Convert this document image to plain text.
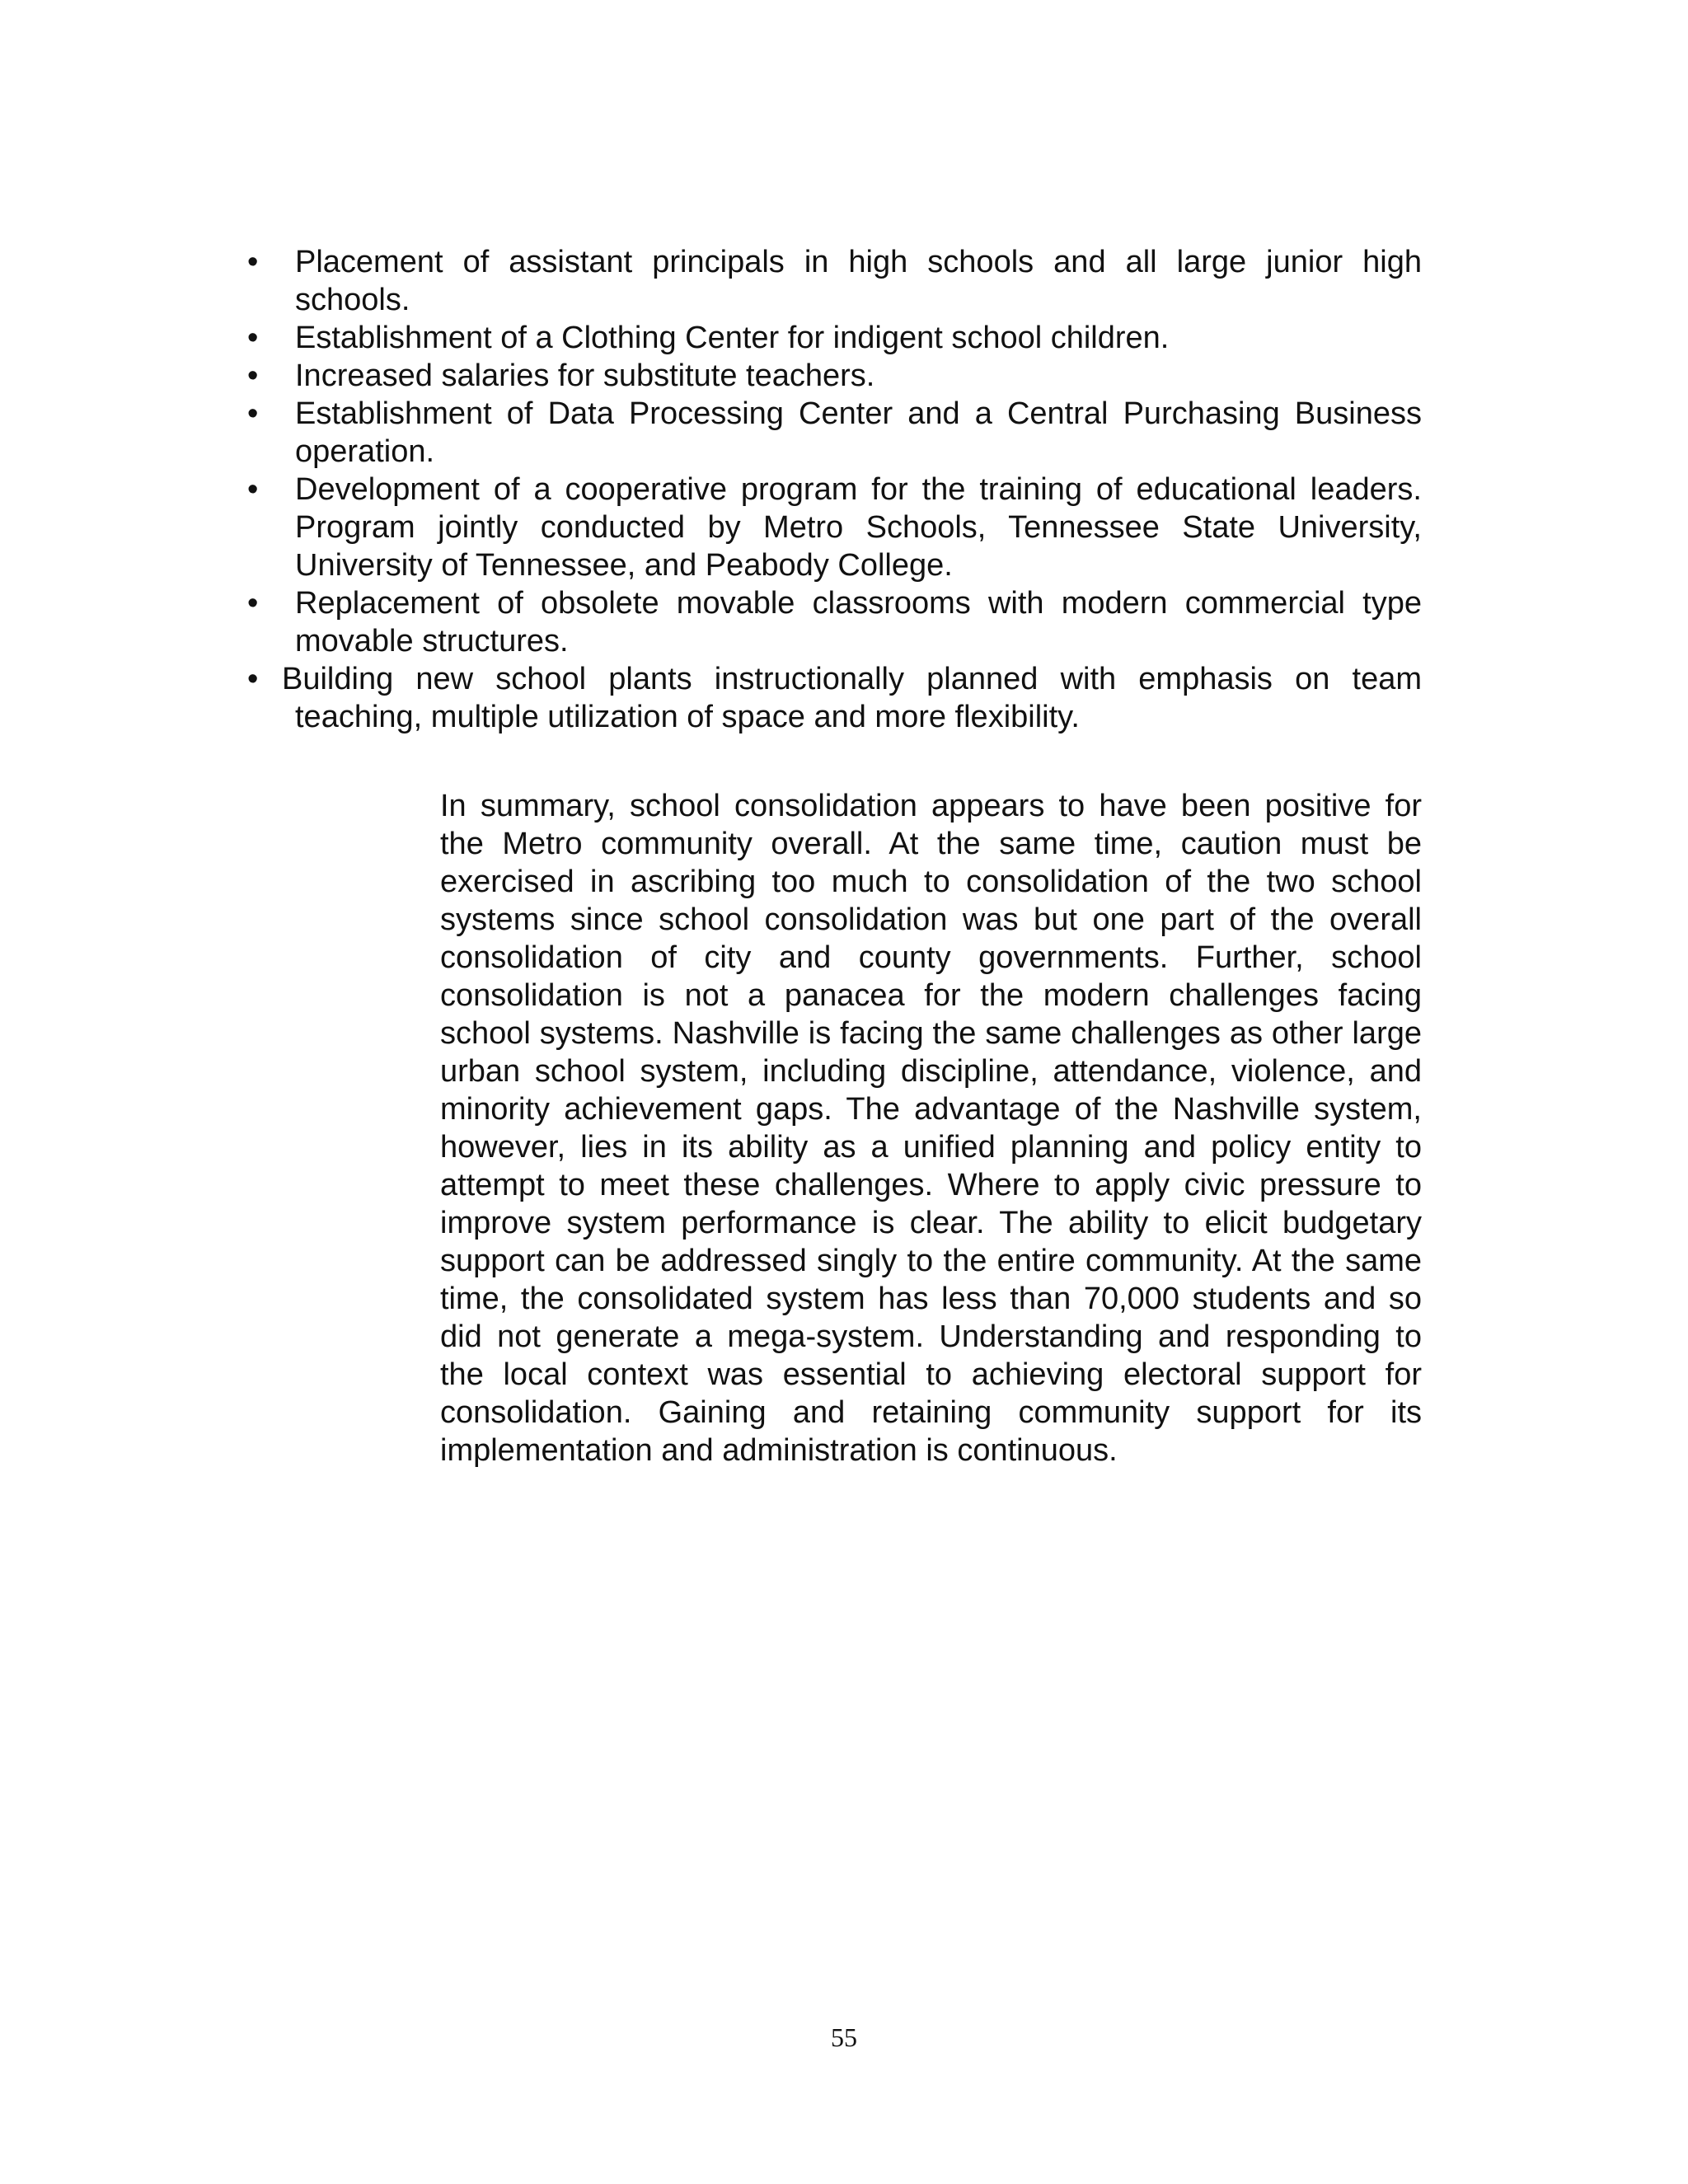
•	Placement of assistant principals in high schools and all large junior high schools.
•	Establishment of a Clothing Center for indigent school children.
•	Increased salaries for substitute teachers.
•	Establishment of Data Processing Center and a Central Purchasing Business operation.
•	Development of a cooperative program for the training of educational leaders. Program jointly conducted by Metro Schools, Tennessee State University, University of Tennessee, and Peabody College.
•	Replacement of obsolete movable classrooms with modern commercial type movable structures.
• Building new school plants instructionally planned with emphasis on team teaching, multiple utilization of space and more flexibility.

In summary, school consolidation appears to have been positive for the Metro community overall. At the same time, caution must be exercised in ascribing too much to consolidation of the two school systems since school consolidation was but one part of the overall consolidation of city and county governments. Further, school consolidation is not a panacea for the modern challenges facing school systems. Nashville is facing the same challenges as other large urban school system, including discipline, attendance, violence, and minority achievement gaps. The advantage of the Nashville system, however, lies in its ability as a unified planning and policy entity to attempt to meet these challenges. Where to apply civic pressure to improve system performance is clear. The ability to elicit budgetary support can be addressed singly to the entire community. At the same time, the consolidated system has less than 70,000 students and so did not generate a mega-system. Understanding and responding to the local context was essential to achieving electoral support for consolidation. Gaining and retaining community support for its implementation and administration is continuous.

55
